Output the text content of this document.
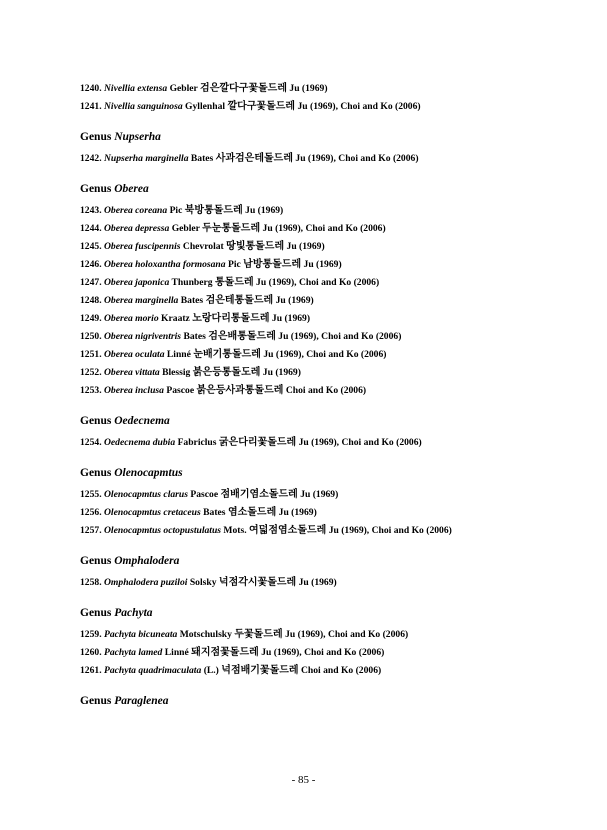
1240. Nivellia extensa Gebler 검은깔다구꽃돌드레 Ju (1969)
1241. Nivellia sanguinosa Gyllenhal 깔다구꽃돌드레 Ju (1969), Choi and Ko (2006)
Genus Nupserha
1242. Nupserha marginella Bates 사과검은테돌드레 Ju (1969), Choi and Ko (2006)
Genus Oberea
1243. Oberea coreana Pic 북방통돌드레 Ju (1969)
1244. Oberea depressa Gebler 두눈통돌드레 Ju (1969), Choi and Ko (2006)
1245. Oberea fuscipennis Chevrolat 땅빛통돌드레 Ju (1969)
1246. Oberea holoxantha formosana Pic 남방통돌드레 Ju (1969)
1247. Oberea japonica Thunberg 통돌드레 Ju (1969), Choi and Ko (2006)
1248. Oberea marginella Bates 검은테통돌드레 Ju (1969)
1249. Oberea morio Kraatz 노랑다리통돌드레 Ju (1969)
1250. Oberea nigriventris Bates 검은배통돌드레 Ju (1969), Choi and Ko (2006)
1251. Oberea oculata Linné 눈배기통돌드레 Ju (1969), Choi and Ko (2006)
1252. Oberea vittata Blessig 붉은등통돌도레 Ju (1969)
1253. Oberea inclusa Pascoe 붉은등사과통돌드레 Choi and Ko (2006)
Genus Oedecnema
1254. Oedecnema dubia Fabriclus 굵은다리꽃돌드레 Ju (1969), Choi and Ko (2006)
Genus Olenocapmtus
1255. Olenocapmtus clarus Pascoe 점배기염소돌드레 Ju (1969)
1256. Olenocapmtus cretaceus Bates 염소돌드레 Ju (1969)
1257. Olenocapmtus octopustulatus Mots. 여덟점염소돌드레 Ju (1969), Choi and Ko (2006)
Genus Omphalodera
1258. Omphalodera puziloi Solsky 넉점각시꽃돌드레 Ju (1969)
Genus Pachyta
1259. Pachyta bicuneata Motschulsky 두꽃돌드레 Ju (1969), Choi and Ko (2006)
1260. Pachyta lamed Linné 돼지점꽃돌드레 Ju (1969), Choi and Ko (2006)
1261. Pachyta quadrimaculata (L.) 넉점배기꽃돌드레 Choi and Ko (2006)
Genus Paraglenea
- 85 -
